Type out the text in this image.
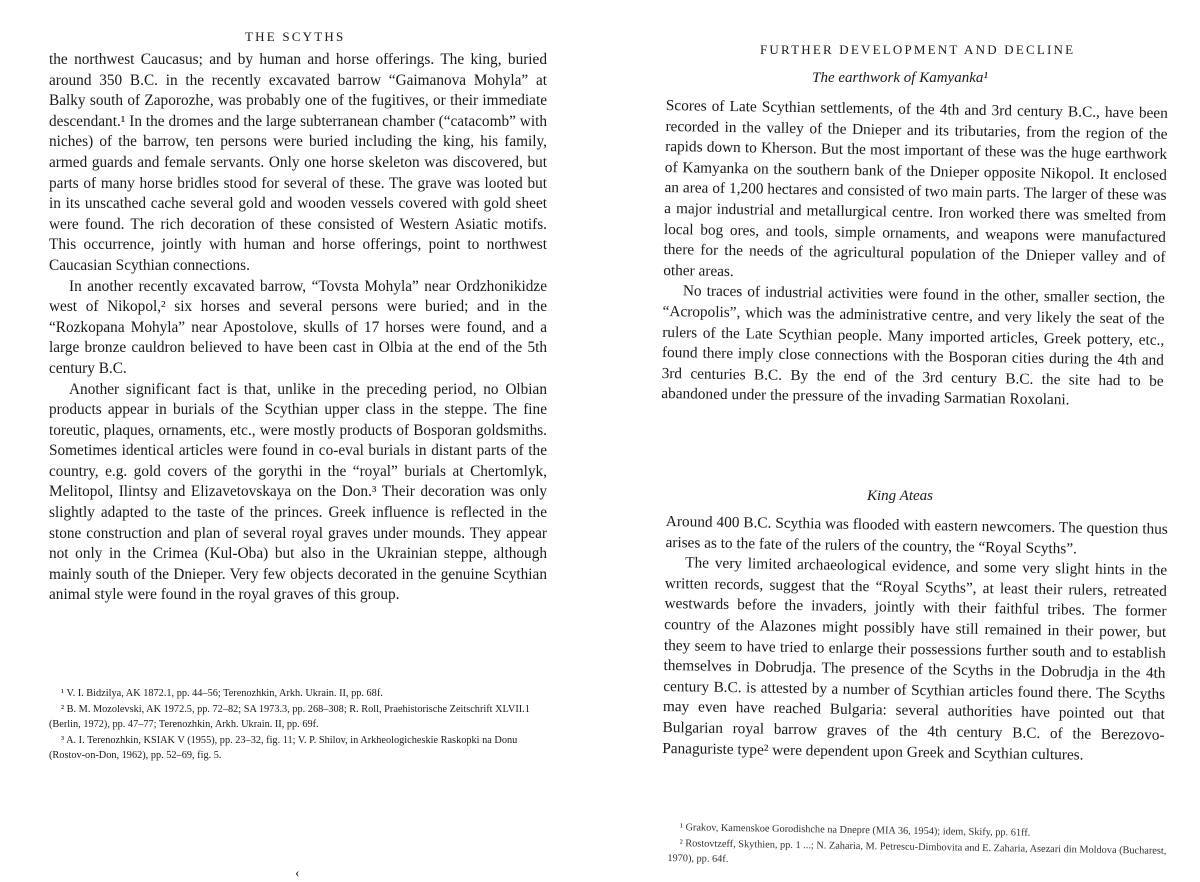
THE SCYTHS

the northwest Caucasus; and by human and horse offerings. The king, buried around 350 B.C. in the recently excavated barrow “Gaimanova Mohyla” at Balky south of Zaporozhe, was probably one of the fugitives, or their immediate descendant.¹ In the dromes and the large subterranean chamber (“catacomb” with niches) of the barrow, ten persons were buried including the king, his family, armed guards and female servants. Only one horse skeleton was discovered, but parts of many horse bridles stood for several of these. The grave was looted but in its unscathed cache several gold and wooden vessels covered with gold sheet were found. The rich decoration of these consisted of Western Asiatic motifs. This occurrence, jointly with human and horse offerings, point to northwest Caucasian Scythian connections.

In another recently excavated barrow, “Tovsta Mohyla” near Ordzhonikidze west of Nikopol,² six horses and several persons were buried; and in the “Rozkopana Mohyla” near Apostolove, skulls of 17 horses were found, and a large bronze cauldron believed to have been cast in Olbia at the end of the 5th century B.C.

Another significant fact is that, unlike in the preceding period, no Olbian products appear in burials of the Scythian upper class in the steppe. The fine toreutic, plaques, ornaments, etc., were mostly products of Bosporan goldsmiths. Sometimes identical articles were found in co-eval burials in distant parts of the country, e.g. gold covers of the gorythi in the “royal” burials at Chertomlyk, Melitopol, Ilintsy and Elizavetovskaya on the Don.³ Their decoration was only slightly adapted to the taste of the princes. Greek influence is reflected in the stone construction and plan of several royal graves under mounds. They appear not only in the Crimea (Kul-Oba) but also in the Ukrainian steppe, although mainly south of the Dnieper. Very few objects decorated in the genuine Scythian animal style were found in the royal graves of this group.

¹ V. I. Bidzilya, AK 1872.1, pp. 44–56; Terenozhkin, Arkh. Ukrain. II, pp. 68f.
² B. M. Mozolevski, AK 1972.5, pp. 72–82; SA 1973.3, pp. 268–308; R. Roll, Praehistorische Zeitschrift XLVII.1 (Berlin, 1972), pp. 47–77; Terenozhkin, Arkh. Ukrain. II, pp. 69f.
³ A. I. Terenozhkin, KSIAK V (1955), pp. 23–32, fig. 11; V. P. Shilov, in Arkheologicheskie Raskopki na Donu (Rostov-on-Don, 1962), pp. 52–69, fig. 5.
‹
FURTHER DEVELOPMENT AND DECLINE
The earthwork of Kamyanka¹

Scores of Late Scythian settlements, of the 4th and 3rd century B.C., have been recorded in the valley of the Dnieper and its tributaries, from the region of the rapids down to Kherson. But the most important of these was the huge earthwork of Kamyanka on the southern bank of the Dnieper opposite Nikopol. It enclosed an area of 1,200 hectares and consisted of two main parts. The larger of these was a major industrial and metallurgical centre. Iron worked there was smelted from local bog ores, and tools, simple ornaments, and weapons were manufactured there for the needs of the agricultural population of the Dnieper valley and of other areas.

No traces of industrial activities were found in the other, smaller section, the “Acropolis”, which was the administrative centre, and very likely the seat of the rulers of the Late Scythian people. Many imported articles, Greek pottery, etc., found there imply close connections with the Bosporan cities during the 4th and 3rd centuries B.C. By the end of the 3rd century B.C. the site had to be abandoned under the pressure of the invading Sarmatian Roxolani.

King Ateas

Around 400 B.C. Scythia was flooded with eastern newcomers. The question thus arises as to the fate of the rulers of the country, the “Royal Scyths”.

The very limited archaeological evidence, and some very slight hints in the written records, suggest that the “Royal Scyths”, at least their rulers, retreated westwards before the invaders, jointly with their faithful tribes. The former country of the Alazones might possibly have still remained in their power, but they seem to have tried to enlarge their possessions further south and to establish themselves in Dobrudja. The presence of the Scyths in the Dobrudja in the 4th century B.C. is attested by a number of Scythian articles found there. The Scyths may even have reached Bulgaria: several authorities have pointed out that Bulgarian royal barrow graves of the 4th century B.C. of the Berezovo-Panaguriste type² were dependent upon Greek and Scythian cultures.

¹ Grakov, Kamenskoe Gorodishche na Dnepre (MIA 36, 1954); idem, Skify, pp. 61ff.
² Rostovtzeff, Skythien, pp. 1 ...; N. Zaharia, M. Petrescu-Dimbovita and E. Zaharia, Asezari din Moldova (Bucharest, 1970), pp. 64f.
